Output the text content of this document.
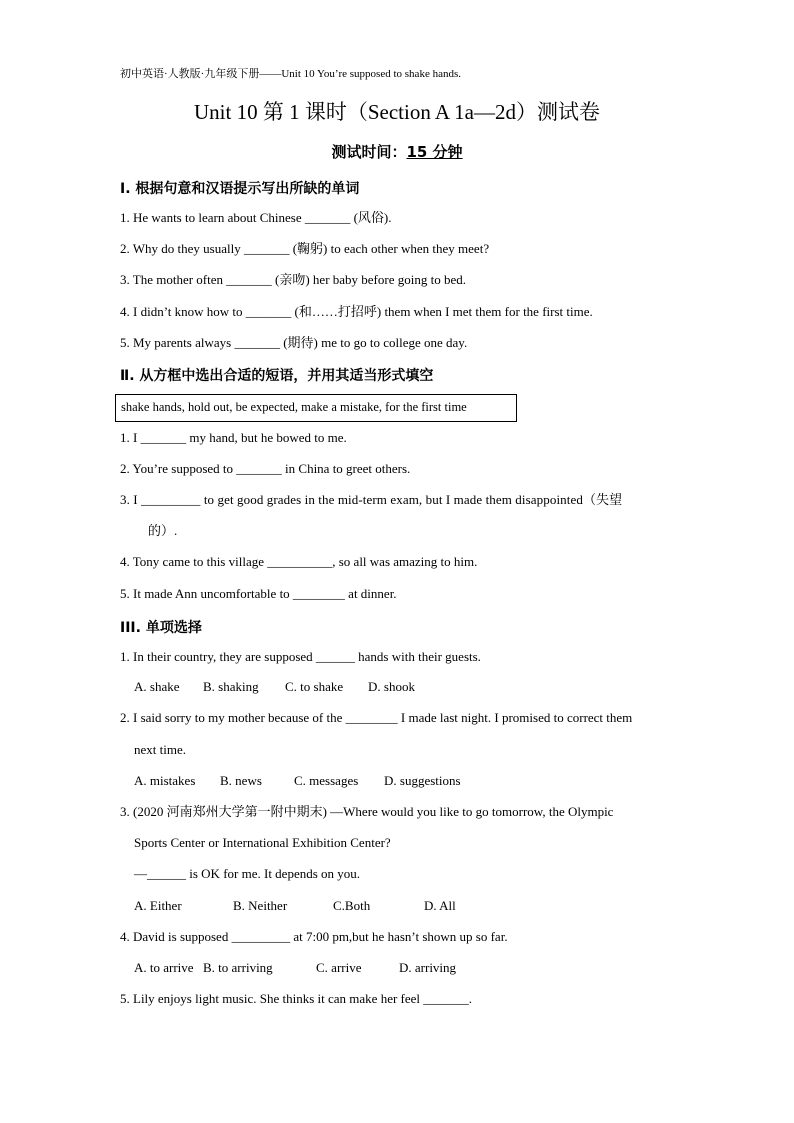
初中英语·人教版·九年级下册——Unit 10 You’re supposed to shake hands.
Unit 10 第 1 课时（Section A 1a—2d）测试卷
测试时间：15 分钟
Ⅰ. 根据句意和汉语提示写出所缺的单词
1. He wants to learn about Chinese _______ (风俗).
2. Why do they usually _______ (鞠躬) to each other when they meet?
3. The mother often _______ (亲吻) her baby before going to bed.
4. I didn’t know how to _______ (和……打招呼) them when I met them for the first time.
5. My parents always _______ (期待) me to go to college one day.
Ⅱ. 从方框中选出合适的短语，并用其适当形式填空
shake hands, hold out, be expected, make a mistake, for the first time
1. I _______ my hand, but he bowed to me.
2. You’re supposed to _______ in China to greet others.
3. I _________ to get good grades in the mid-term exam, but I made them disappointed（失望
的）.
4. Tony came to this village __________, so all was amazing to him.
5. It made Ann uncomfortable to ________ at dinner.
III. 单项选择
1. In their country, they are supposed ______ hands with their guests.
A. shake B. shaking C. to shake D. shook
2. I said sorry to my mother because of the ________ I made last night. I promised to correct them
next time.
A. mistakes B. news C. messages D. suggestions
3. (2020 河南郑州大学第一附中期末) —Where would you like to go tomorrow, the Olympic
Sports Center or International Exhibition Center?
—______ is OK for me. It depends on you.
A. Either	B. Neither	C.Both	D. All
4. David is supposed _________ at 7:00 pm,but he hasn’t shown up so far.
A. to arrive B. to arriving	C. arrive	D. arriving
5. Lily enjoys light music. She thinks it can make her feel _______.
